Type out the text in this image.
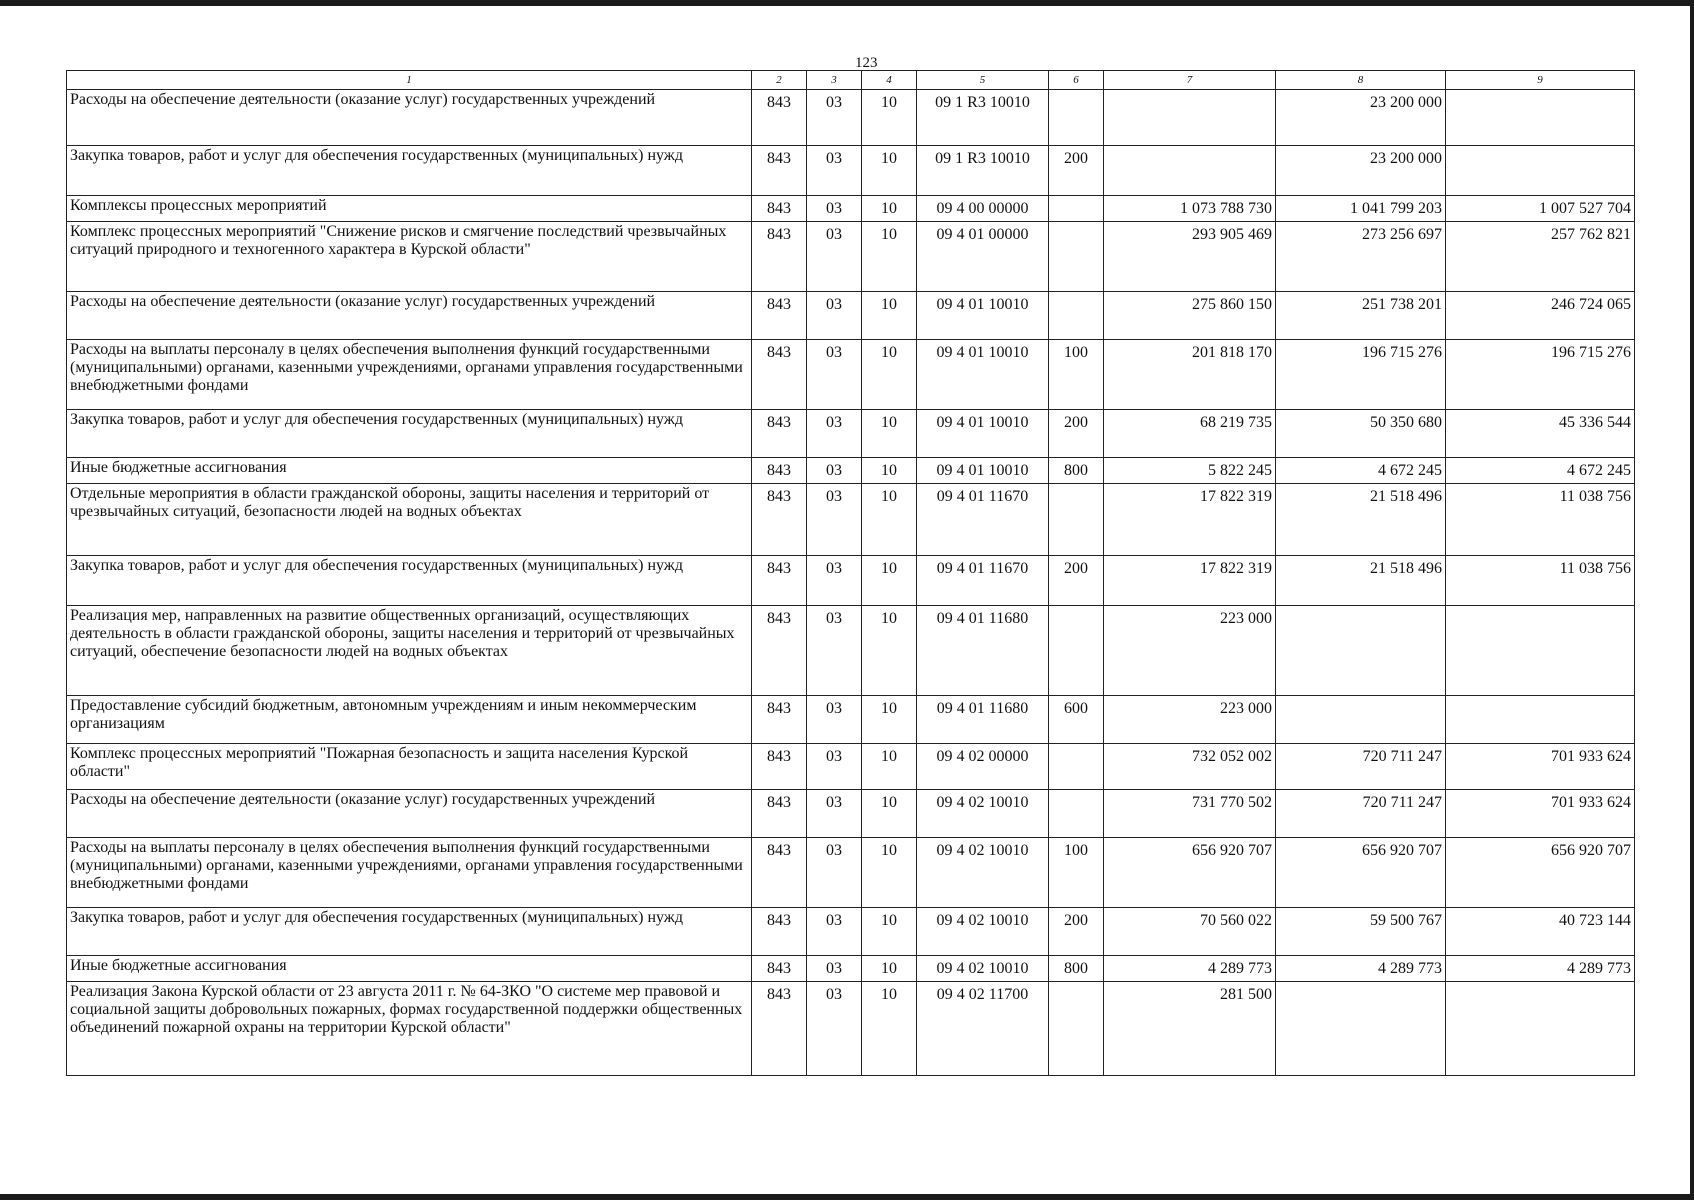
123
1	2	3	4	5	6	7	8	9
Расходы на обеспечение деятельности (оказание услуг) государственных учреждений	843	03	10	09 1 R3 10010			23 200 000	
Закупка товаров, работ и услуг для обеспечения государственных (муниципальных) нужд	843	03	10	09 1 R3 10010	200		23 200 000	
Комплексы процессных мероприятий	843	03	10	09 4 00 00000		1 073 788 730	1 041 799 203	1 007 527 704
Комплекс процессных мероприятий "Снижение рисков и смягчение последствий чрезвычайных ситуаций природного и техногенного характера в Курской области"	843	03	10	09 4 01 00000		293 905 469	273 256 697	257 762 821
Расходы на обеспечение деятельности (оказание услуг) государственных учреждений	843	03	10	09 4 01 10010		275 860 150	251 738 201	246 724 065
Расходы на выплаты персоналу в целях обеспечения выполнения функций государственными (муниципальными) органами, казенными учреждениями, органами управления государственными внебюджетными фондами	843	03	10	09 4 01 10010	100	201 818 170	196 715 276	196 715 276
Закупка товаров, работ и услуг для обеспечения государственных (муниципальных) нужд	843	03	10	09 4 01 10010	200	68 219 735	50 350 680	45 336 544
Иные бюджетные ассигнования	843	03	10	09 4 01 10010	800	5 822 245	4 672 245	4 672 245
Отдельные мероприятия в области гражданской обороны, защиты населения и территорий от чрезвычайных ситуаций, безопасности людей на водных объектах	843	03	10	09 4 01 11670		17 822 319	21 518 496	11 038 756
Закупка товаров, работ и услуг для обеспечения государственных (муниципальных) нужд	843	03	10	09 4 01 11670	200	17 822 319	21 518 496	11 038 756
Реализация мер, направленных на развитие общественных организаций, осуществляющих деятельность в области гражданской обороны, защиты населения и территорий от чрезвычайных ситуаций, обеспечение безопасности людей на водных объектах	843	03	10	09 4 01 11680		223 000		
Предоставление субсидий бюджетным, автономным учреждениям и иным некоммерческим организациям	843	03	10	09 4 01 11680	600	223 000		
Комплекс процессных мероприятий "Пожарная безопасность и защита населения Курской области"	843	03	10	09 4 02 00000		732 052 002	720 711 247	701 933 624
Расходы на обеспечение деятельности (оказание услуг) государственных учреждений	843	03	10	09 4 02 10010		731 770 502	720 711 247	701 933 624
Расходы на выплаты персоналу в целях обеспечения выполнения функций государственными (муниципальными) органами, казенными учреждениями, органами управления государственными внебюджетными фондами	843	03	10	09 4 02 10010	100	656 920 707	656 920 707	656 920 707
Закупка товаров, работ и услуг для обеспечения государственных (муниципальных) нужд	843	03	10	09 4 02 10010	200	70 560 022	59 500 767	40 723 144
Иные бюджетные ассигнования	843	03	10	09 4 02 10010	800	4 289 773	4 289 773	4 289 773
Реализация Закона Курской области от 23 августа 2011 г. № 64-ЗКО "О системе мер правовой и социальной защиты добровольных пожарных, формах государственной поддержки общественных объединений пожарной охраны на территории Курской области"	843	03	10	09 4 02 11700		281 500		
